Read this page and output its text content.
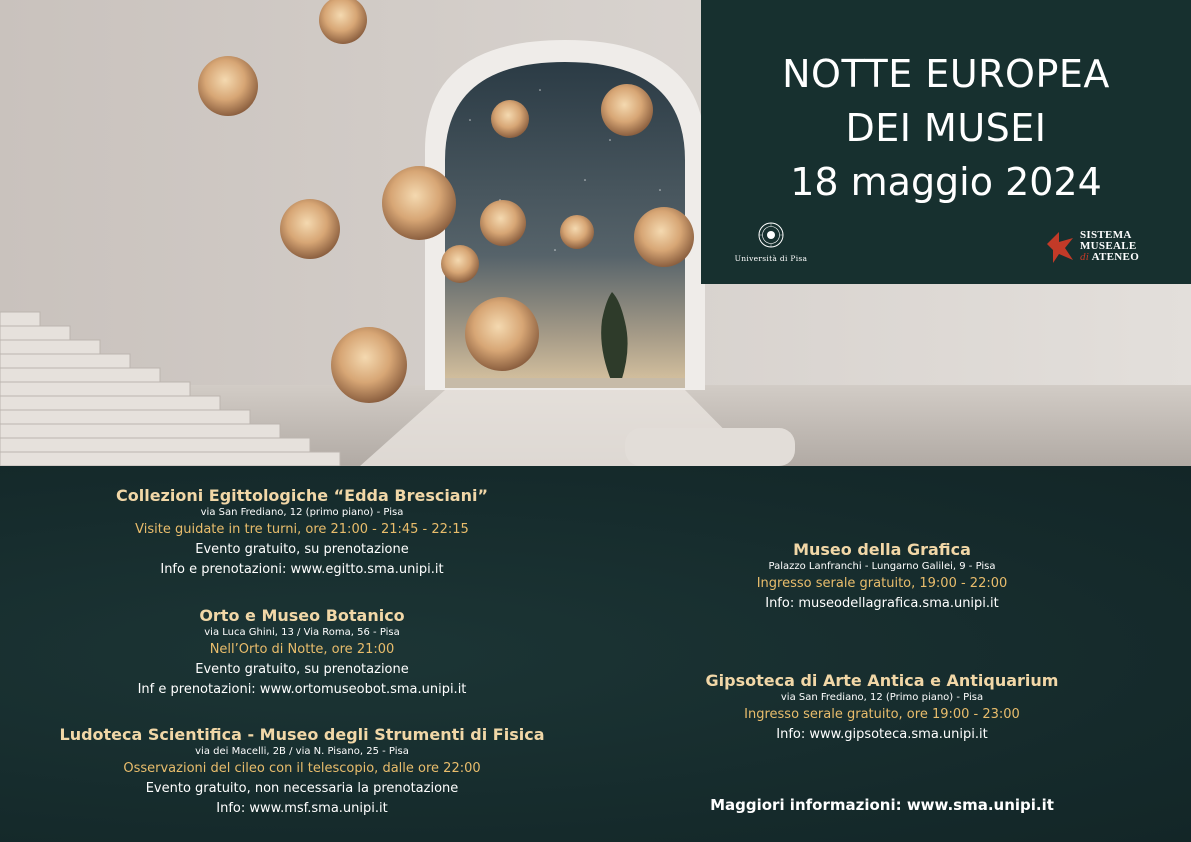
NOTTE EUROPEA
DEI MUSEI
18 maggio 2024
Università di Pisa
SISTEMA
MUSEALE
di ATENEO
Collezioni Egittologiche “Edda Bresciani”
via San Frediano, 12 (primo piano) - Pisa
Visite guidate in tre turni, ore 21:00 - 21:45 - 22:15
Evento gratuito, su prenotazione
Info e prenotazioni: www.egitto.sma.unipi.it
Orto e Museo Botanico
via Luca Ghini, 13 / Via Roma, 56 - Pisa
Nell’Orto di Notte, ore 21:00
Evento gratuito, su prenotazione
Inf e prenotazioni: www.ortomuseobot.sma.unipi.it
Ludoteca Scientifica - Museo degli Strumenti di Fisica
via dei Macelli, 2B / via N. Pisano, 25 - Pisa
Osservazioni del cileo con il telescopio, dalle ore 22:00
Evento gratuito, non necessaria la prenotazione
Info: www.msf.sma.unipi.it
Museo della Grafica
Palazzo Lanfranchi - Lungarno Galilei, 9 - Pisa
Ingresso serale gratuito, 19:00 - 22:00
Info: museodellagrafica.sma.unipi.it
Gipsoteca di Arte Antica e Antiquarium
via San Frediano, 12 (Primo piano) - Pisa
Ingresso serale gratuito, ore 19:00 - 23:00
Info: www.gipsoteca.sma.unipi.it
Maggiori informazioni: www.sma.unipi.it
